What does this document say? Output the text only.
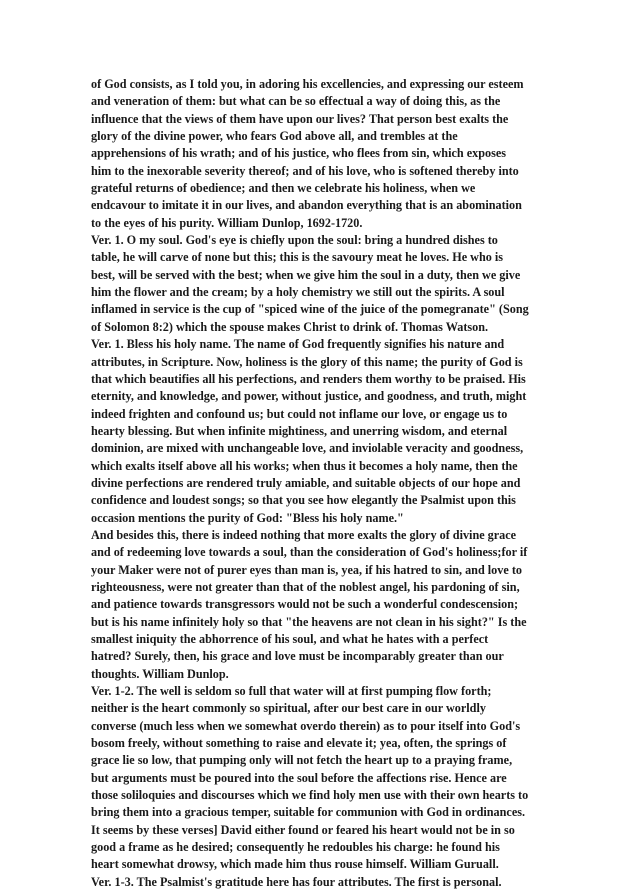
of God consists, as I told you, in adoring his excellencies, and expressing our esteem
and veneration of them: but what can be so effectual a way of doing this, as the
influence that the views of them have upon our lives? That person best exalts the
glory of the divine power, who fears God above all, and trembles at the
apprehensions of his wrath; and of his justice, who flees from sin, which exposes
him to the inexorable severity thereof; and of his love, who is softened thereby into
grateful returns of obedience; and then we celebrate his holiness, when we
endcavour to imitate it in our lives, and abandon everything that is an abomination
to the eyes of his purity. William Dunlop, 1692-1720.
Ver. 1. O my soul. God's eye is chiefly upon the soul: bring a hundred dishes to
table, he will carve of none but this; this is the savoury meat he loves. He who is
best, will be served with the best; when we give him the soul in a duty, then we give
him the flower and the cream; by a holy chemistry we still out the spirits. A soul
inflamed in service is the cup of "spiced wine of the juice of the pomegranate" (Song
of Solomon 8:2) which the spouse makes Christ to drink of. Thomas Watson.
Ver. 1. Bless his holy name. The name of God frequently signifies his nature and
attributes, in Scripture. Now, holiness is the glory of this name; the purity of God is
that which beautifies all his perfections, and renders them worthy to be praised. His
eternity, and knowledge, and power, without justice, and goodness, and truth, might
indeed frighten and confound us; but could not inflame our love, or engage us to
hearty blessing. But when infinite mightiness, and unerring wisdom, and eternal
dominion, are mixed with unchangeable love, and inviolable veracity and goodness,
which exalts itself above all his works; when thus it becomes a holy name, then the
divine perfections are rendered truly amiable, and suitable objects of our hope and
confidence and loudest songs; so that you see how elegantly the Psalmist upon this
occasion mentions the purity of God: "Bless his holy name."
And besides this, there is indeed nothing that more exalts the glory of divine grace
and of redeeming love towards a soul, than the consideration of God's holiness;for if
your Maker were not of purer eyes than man is, yea, if his hatred to sin, and love to
righteousness, were not greater than that of the noblest angel, his pardoning of sin,
and patience towards transgressors would not be such a wonderful condescension;
but is his name infinitely holy so that "the heavens are not clean in his sight?" Is the
smallest iniquity the abhorrence of his soul, and what he hates with a perfect
hatred? Surely, then, his grace and love must be incomparably greater than our
thoughts. William Dunlop.
Ver. 1-2. The well is seldom so full that water will at first pumping flow forth;
neither is the heart commonly so spiritual, after our best care in our worldly
converse (much less when we somewhat overdo therein) as to pour itself into God's
bosom freely, without something to raise and elevate it; yea, often, the springs of
grace lie so low, that pumping only will not fetch the heart up to a praying frame,
but arguments must be poured into the soul before the affections rise. Hence are
those soliloquies and discourses which we find holy men use with their own hearts to
bring them into a gracious temper, suitable for communion with God in ordinances.
It seems by these verses] David either found or feared his heart would not be in so
good a frame as he desired; consequently he redoubles his charge: he found his
heart somewhat drowsy, which made him thus rouse himself. William Guruall.
Ver. 1-3. The Psalmist's gratitude here has four attributes. The first is personal.
